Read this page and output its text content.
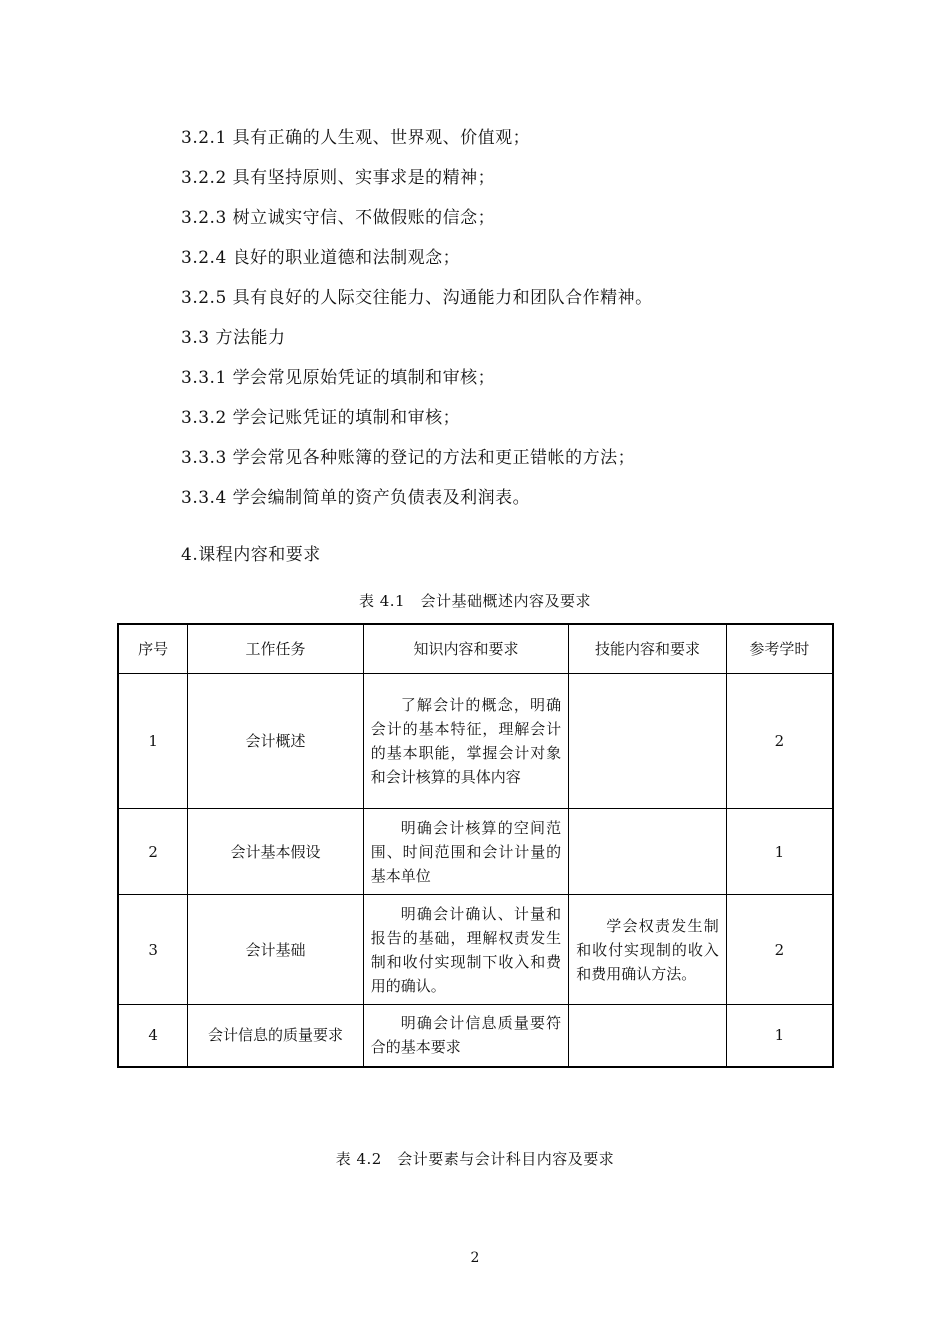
3.2.1 具有正确的人生观、世界观、价值观；
3.2.2 具有坚持原则、实事求是的精神；
3.2.3 树立诚实守信、不做假账的信念；
3.2.4 良好的职业道德和法制观念；
3.2.5 具有良好的人际交往能力、沟通能力和团队合作精神。
3.3 方法能力
3.3.1 学会常见原始凭证的填制和审核；
3.3.2 学会记账凭证的填制和审核；
3.3.3 学会常见各种账簿的登记的方法和更正错帐的方法；
3.3.4 学会编制简单的资产负债表及利润表。
4.课程内容和要求
表 4.1　会计基础概述内容及要求
序号	工作任务	知识内容和要求	技能内容和要求	参考学时
1	会计概述	了解会计的概念，明确会计的基本特征，理解会计的基本职能，掌握会计对象和会计核算的具体内容		2
2	会计基本假设	明确会计核算的空间范围、时间范围和会计计量的基本单位		1
3	会计基础	明确会计确认、计量和报告的基础，理解权责发生制和收付实现制下收入和费用的确认。	学会权责发生制和收付实现制的收入和费用确认方法。	2
4	会计信息的质量要求	明确会计信息质量要符合的基本要求		1
表 4.2　会计要素与会计科目内容及要求
2
